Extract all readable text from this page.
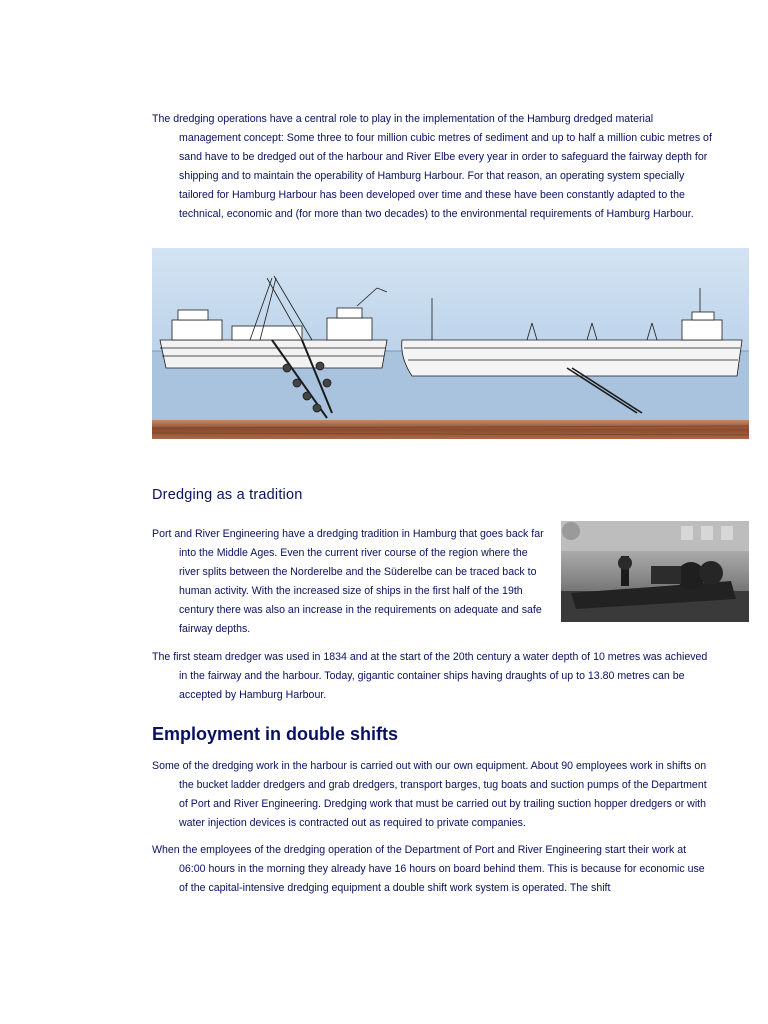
The dredging operations have a central role to play in the implementation of the Hamburg dredged material management concept: Some three to four million cubic metres of sediment and up to half a million cubic metres of sand have to be dredged out of the harbour and River Elbe every year in order to safeguard the fairway depth for shipping and to maintain the operability of Hamburg Harbour. For that reason, an operating system specially tailored for Hamburg Harbour has been developed over time and these have been constantly adapted to the technical, economic and (for more than two decades) to the environmental requirements of Hamburg Harbour.

Dredging as a tradition

Port and River Engineering have a dredging tradition in Hamburg that goes back far into the Middle Ages. Even the current river course of the region where the river splits between the Norderelbe and the Süderelbe can be traced back to human activity. With the increased size of ships in the first half of the 19th century there was also an increase in the requirements on adequate and safe fairway depths.

The first steam dredger was used in 1834 and at the start of the 20th century a water depth of 10 metres was achieved in the fairway and the harbour. Today, gigantic container ships having draughts of up to 13.80 metres can be accepted by Hamburg Harbour.

Employment in double shifts

Some of the dredging work in the harbour is carried out with our own equipment. About 90 employees work in shifts on the bucket ladder dredgers and grab dredgers, transport barges, tug boats and suction pumps of the Department of Port and River Engineering. Dredging work that must be carried out by trailing suction hopper dredgers or with water injection devices is contracted out as required to private companies.

When the employees of the dredging operation of the Department of Port and River Engineering start their work at 06:00 hours in the morning they already have 16 hours on board behind them. This is because for economic use of the capital-intensive dredging equipment a double shift work system is operated. The shift
